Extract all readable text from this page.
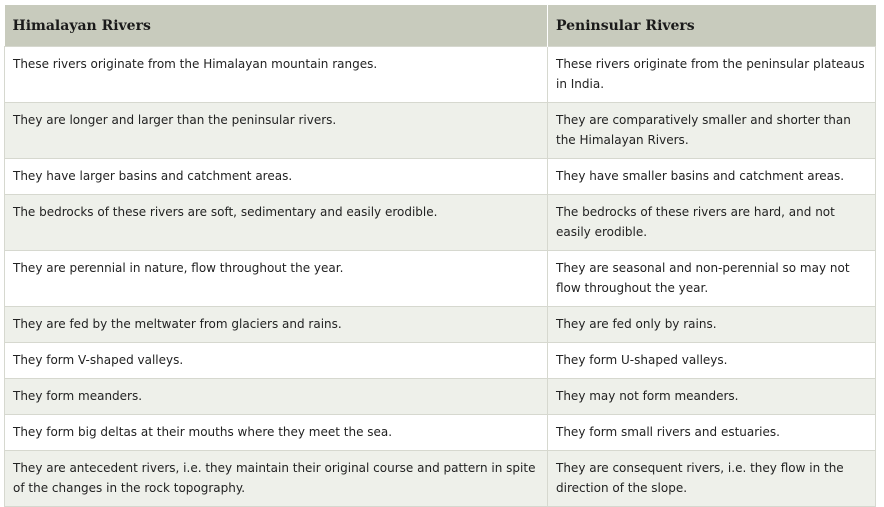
Himalayan Rivers	Peninsular Rivers
These rivers originate from the Himalayan mountain ranges.	These rivers originate from the peninsular plateaus in India.
They are longer and larger than the peninsular rivers.	They are comparatively smaller and shorter than the Himalayan Rivers.
They have larger basins and catchment areas.	They have smaller basins and catchment areas.
The bedrocks of these rivers are soft, sedimentary and easily erodible.	The bedrocks of these rivers are hard, and not easily erodible.
They are perennial in nature, flow throughout the year.	They are seasonal and non-perennial so may not flow throughout the year.
They are fed by the meltwater from glaciers and rains.	They are fed only by rains.
They form V-shaped valleys.	They form U-shaped valleys.
They form meanders.	They may not form meanders.
They form big deltas at their mouths where they meet the sea.	They form small rivers and estuaries.
They are antecedent rivers, i.e. they maintain their original course and pattern in spite of the changes in the rock topography.	They are consequent rivers, i.e. they flow in the direction of the slope.
